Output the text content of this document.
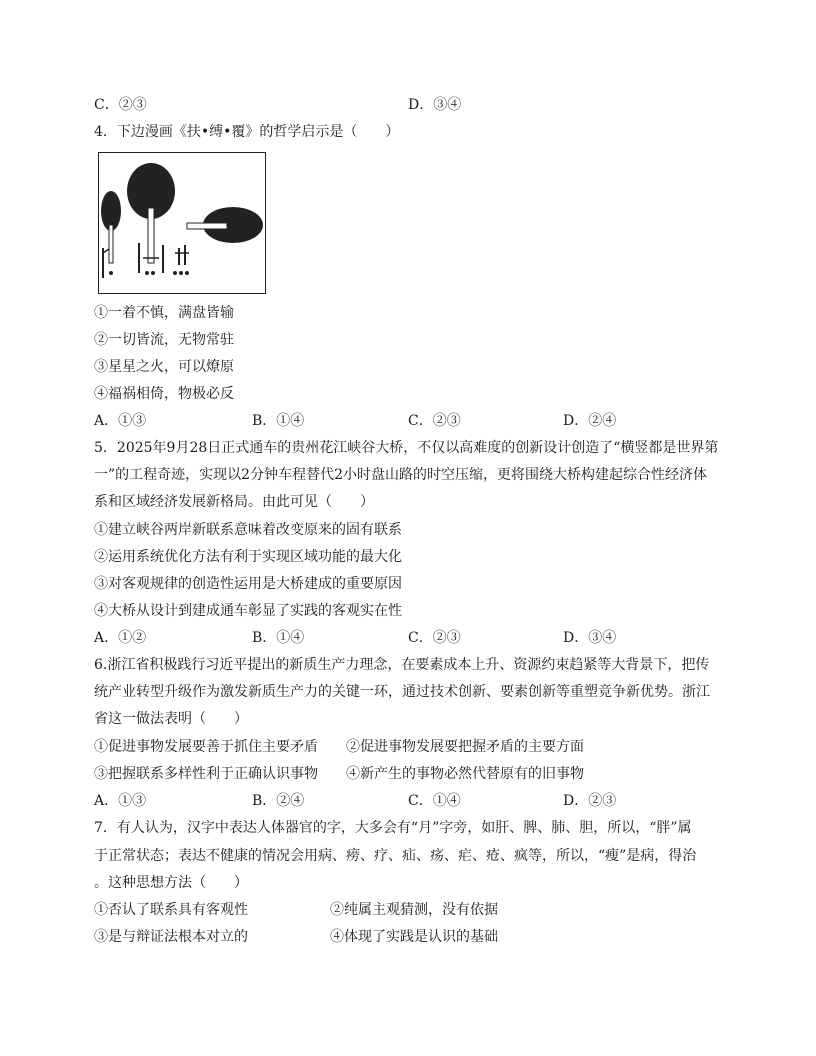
C．②③	D．③④
4．下边漫画《扶•缚•覆》的哲学启示是（　　）
①一着不慎，满盘皆输
②一切皆流，无物常驻
③星星之火，可以燎原
④福祸相倚，物极必反
A．①③	B．①④	C．②③	D．②④
5．2025年9月28日正式通车的贵州花江峡谷大桥，不仅以高难度的创新设计创造了“横竖都是世界第
一”的工程奇迹，实现以2分钟车程替代2小时盘山路的时空压缩，更将围绕大桥构建起综合性经济体
系和区域经济发展新格局。由此可见（　　）
①建立峡谷两岸新联系意味着改变原来的固有联系
②运用系统优化方法有利于实现区域功能的最大化
③对客观规律的创造性运用是大桥建成的重要原因
④大桥从设计到建成通车彰显了实践的客观实在性
A．①②	B．①④	C．②③	D．③④
6.浙江省积极践行习近平提出的新质生产力理念，在要素成本上升、资源约束趋紧等大背景下，把传
统产业转型升级作为激发新质生产力的关键一环，通过技术创新、要素创新等重塑竞争新优势。浙江
省这一做法表明（　　）
①促进事物发展要善于抓住主要矛盾 ②促进事物发展要把握矛盾的主要方面
③把握联系多样性利于正确认识事物 ④新产生的事物必然代替原有的旧事物
A．①③	B．②④	C．①④	D．②③
7．有人认为，汉字中表达人体器官的字，大多会有“月”字旁，如肝、脾、肺、胆，所以，“胖”属
于正常状态；表达不健康的情况会用病、痨、疗、疝、疡、疟、疮、疯等，所以，“瘦”是病，得治
。这种思想方法（　　）
①否认了联系具有客观性	②纯属主观猜测，没有依据
③是与辩证法根本对立的	④体现了实践是认识的基础
